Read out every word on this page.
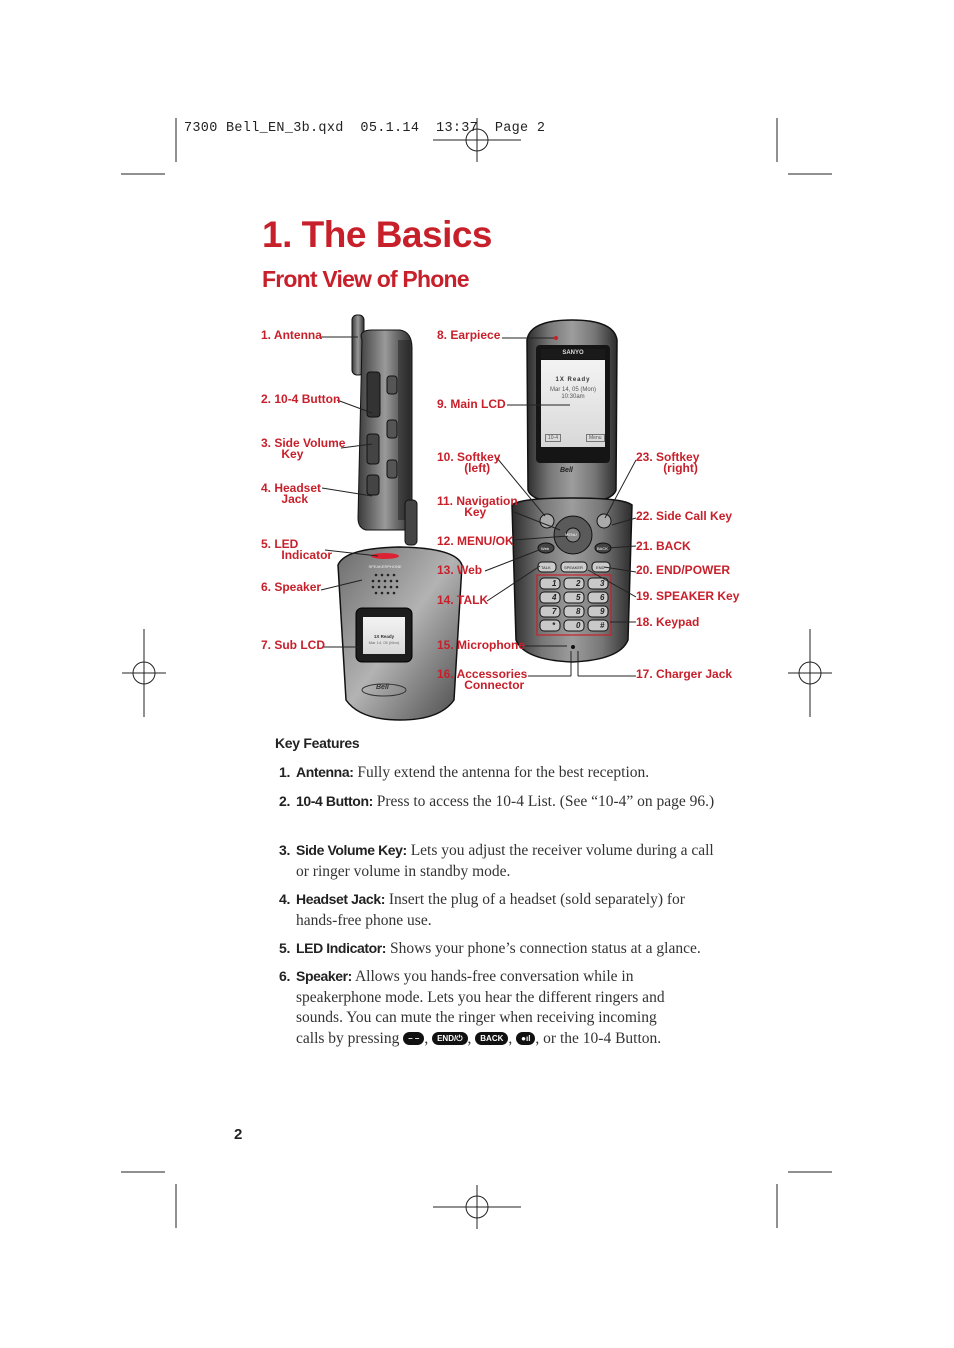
7300 Bell_EN_3b.qxd  05.1.14  13:37  Page 2
1. The Basics
Front View of Phone
SANYO
1X Ready
Mar 14, 05 (Mon)
10:30am
10-4	Menu
Bell
1X Ready
Mar 14, 05 (Mon)
SPEAKERPHONE
Bell
MENU
Web	BACK
TALK	SPEAKER	END
1 2 3
4 5 6
7 8 9
*	0 #
1. Antenna
2. 10-4 Button
3. Side Volume
Key
4. Headset
Jack
5. LED
Indicator
6. Speaker
7. Sub LCD
8. Earpiece
9. Main LCD
10. Softkey
(left)
11. Navigation
Key
12. MENU/OK
13. Web
14. TALK
15. Microphone
16. Accessories
Connector
23. Softkey
(right)
22. Side Call Key
21. BACK
20. END/POWER
19. SPEAKER Key
18. Keypad
17. Charger Jack
Key Features
1. Antenna: Fully extend the antenna for the best reception.
2. 10-4 Button: Press to access the 10-4 List. (See “10-4” on page 96.)
3. Side Volume Key: Lets you adjust the receiver volume during a call or ringer volume in standby mode.
4. Headset Jack: Insert the plug of a headset (sold separately) for hands-free phone use.
5. LED Indicator: Shows your phone’s connection status at a glance.
6. Speaker: Allows you hands-free conversation while in speakerphone mode. Lets you hear the different ringers and sounds. You can mute the ringer when receiving incoming calls by pressing – – , END/⏻ , BACK , ●ıl , or the 10-4 Button.
2
